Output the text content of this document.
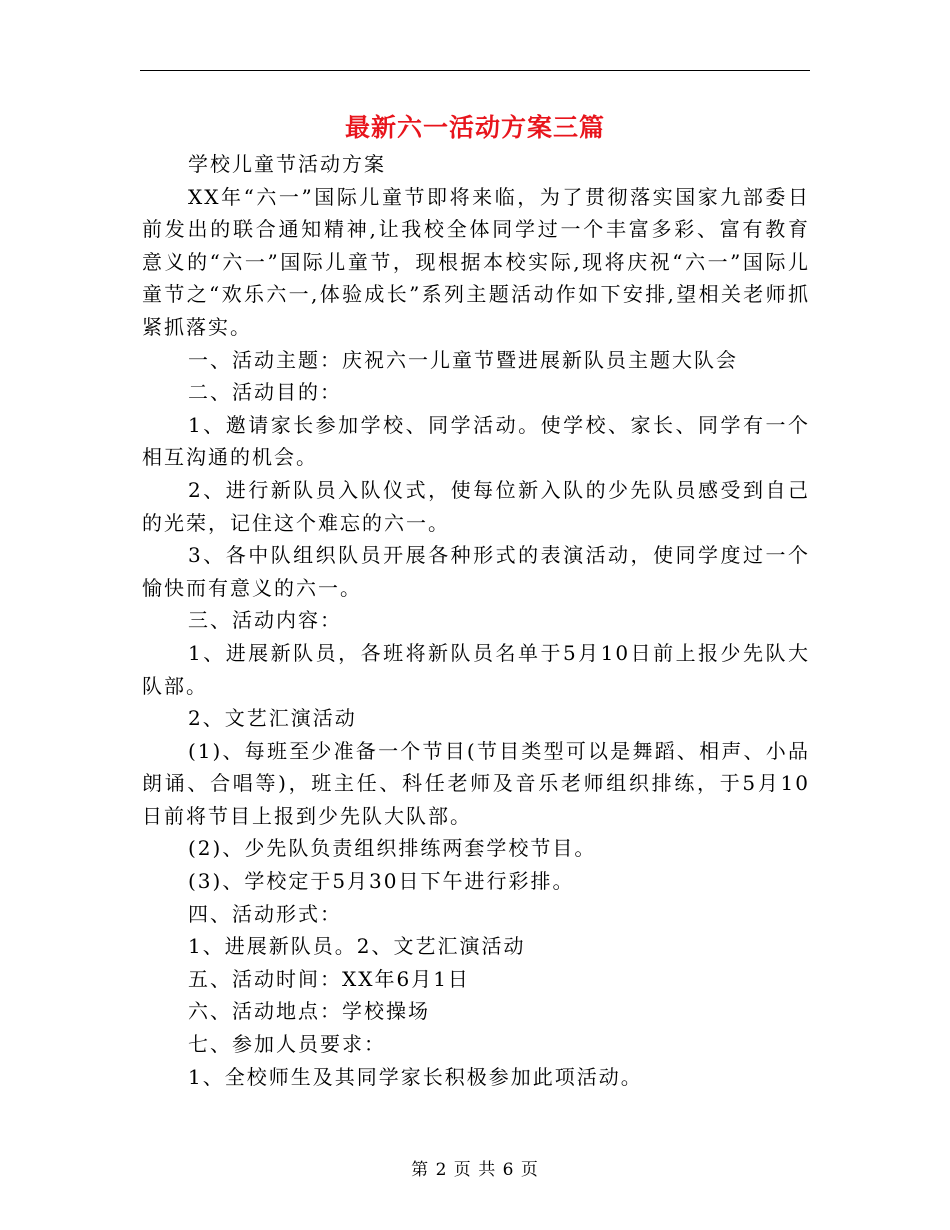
最新六一活动方案三篇

学校儿童节活动方案

XX年“六一”国际儿童节即将来临，为了贯彻落实国家九部委日前发出的联合通知精神,让我校全体同学过一个丰富多彩、富有教育意义的“六一”国际儿童节，现根据本校实际,现将庆祝“六一”国际儿童节之“欢乐六一,体验成长”系列主题活动作如下安排,望相关老师抓紧抓落实。

一、活动主题：庆祝六一儿童节暨进展新队员主题大队会

二、活动目的：

1、邀请家长参加学校、同学活动。使学校、家长、同学有一个相互沟通的机会。

2、进行新队员入队仪式，使每位新入队的少先队员感受到自己的光荣，记住这个难忘的六一。

3、各中队组织队员开展各种形式的表演活动，使同学度过一个愉快而有意义的六一。

三、活动内容：

1、进展新队员，各班将新队员名单于5月10日前上报少先队大队部。

2、文艺汇演活动

(1)、每班至少准备一个节目(节目类型可以是舞蹈、相声、小品朗诵、合唱等)，班主任、科任老师及音乐老师组织排练，于5月10日前将节目上报到少先队大队部。

(2)、少先队负责组织排练两套学校节目。

(3)、学校定于5月30日下午进行彩排。

四、活动形式：

1、进展新队员。2、文艺汇演活动

五、活动时间：XX年6月1日

六、活动地点：学校操场

七、参加人员要求：

1、全校师生及其同学家长积极参加此项活动。

第 2 页 共 6 页
